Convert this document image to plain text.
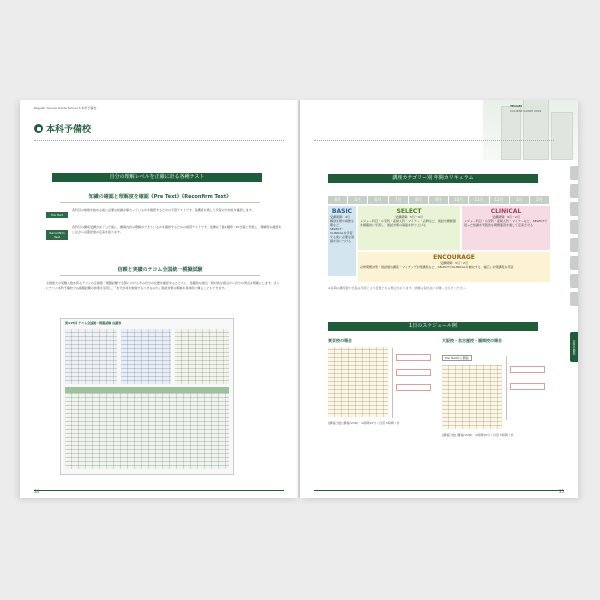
Regular Course Guide School 3 本科予備校
本科予備校
自分の理解レベルを正確に計る各種テスト
知識の確認と理解度を確認《Pre Text》《Reconfirm Text》
Pre Text
各科目の勉強を始める前に必要な知識が備わっているかを確認するための予習テストです。各講座を通して学習の方向性を確認します。
Reconfirm Test
各科目の講座受講が完了した後に、講義内容の理解ができているかを確認するための復習テストです。受講完了後1週間〜10日後に実施し、理解度の確認をしながら長期記憶の定着を図ります。
信頼と実績のテコム全国統一模擬試験
全国最大の受験人数を誇るテコムの全国統一模擬試験で全国における今の自分の位置を確認するとともに、客観的な視点・相対的な視点から自分の弱点を明確にします。さらにテコム本科予備校では模擬試験の結果を活用し、『自分が何を勉強するべきなのか』国試対策の戦略を具体的に練ることもできます。
第115回 テコム全国統一模擬試験 成績表
34
TECOM
COURSE GUIDE 2021
講座カテゴリー別 年間カリキュラム
4月	5月	6月	7月	8月	9月	10月	11月	12月	1月	2月
BASIC
受講期間：4月
解剖生理や病態生理など、SELECT・CLINICALを学習する前に必要な基礎を身につける
SELECT
受講期間：5月〜9月
メジャー科目・小児科・産婦人科・マイナー・必修など、国試出題範囲を網羅的に学習し、国試対策の基盤を作り上げる
CLINICAL
受講期間：9月〜2月
メジャー科目・小児科・産婦人科・マイナーなど、SELECTで培った知識を実践的な問題演習を通して定着させる
ENCOURAGE
受講期間：5月〜2月
必修問題対策・国試頻出講座・マッチング対策講座など、SELECTやCLINICALを補完する、幅広い対策講座を用意
※各期の講座数や日程は年度により変更となる場合があります。詳細は各校舎にお問い合わせください。
1日のスケジュール例
東京校の場合
[講義日数] 講義(VOD)・2時間30分 / 自習 5時間 / 計
大阪校・名古屋校・福岡校の場合
Pre Textから開始
[講義日数] 講義(VOD)・2時間30分 / 自習 5時間 / 計
本科予備校
35
